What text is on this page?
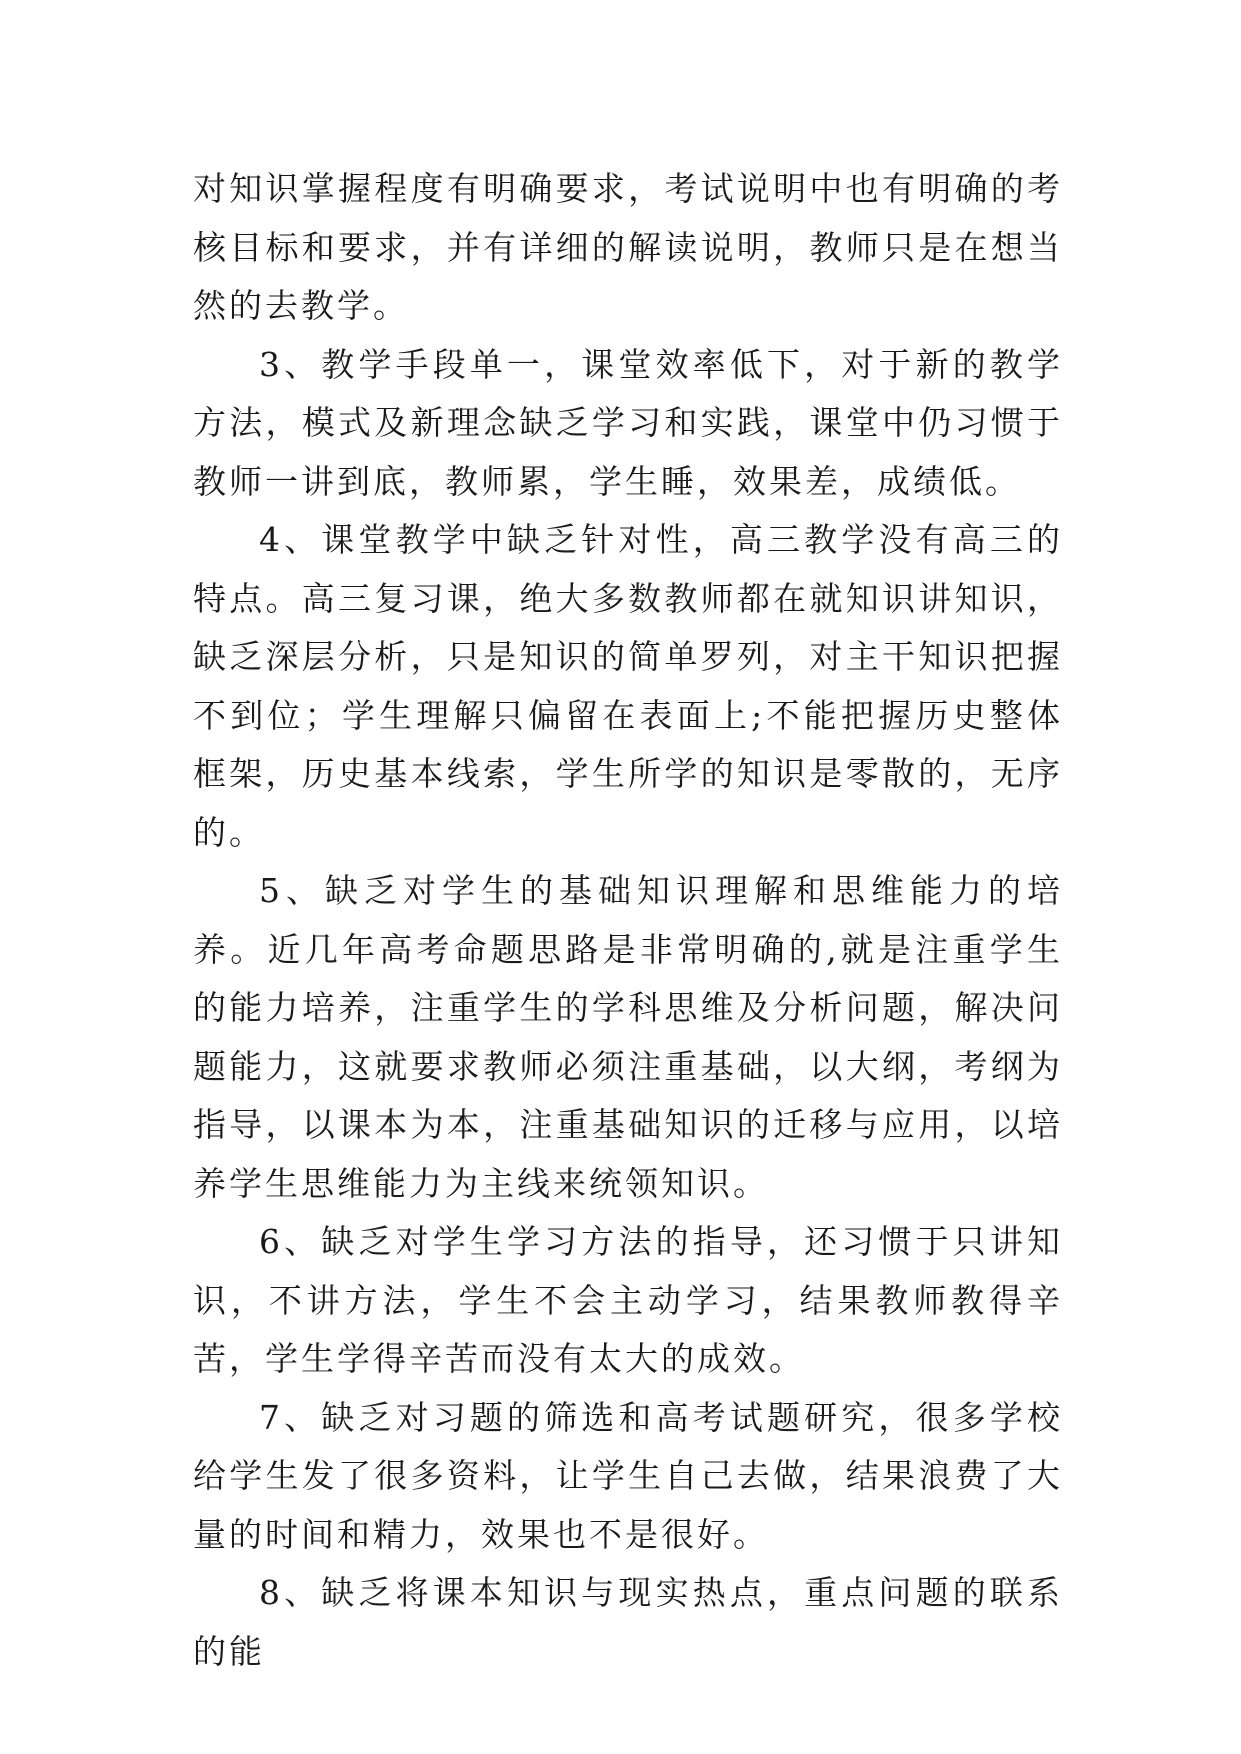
对知识掌握程度有明确要求，考试说明中也有明确的考核目标和要求，并有详细的解读说明，教师只是在想当然的去教学。

3、教学手段单一，课堂效率低下，对于新的教学方法，模式及新理念缺乏学习和实践，课堂中仍习惯于教师一讲到底，教师累，学生睡，效果差，成绩低。

4、课堂教学中缺乏针对性，高三教学没有高三的特点。高三复习课，绝大多数教师都在就知识讲知识，缺乏深层分析，只是知识的简单罗列，对主干知识把握不到位；学生理解只偏留在表面上;不能把握历史整体框架，历史基本线索，学生所学的知识是零散的，无序的。

5、缺乏对学生的基础知识理解和思维能力的培养。近几年高考命题思路是非常明确的,就是注重学生的能力培养，注重学生的学科思维及分析问题，解决问题能力，这就要求教师必须注重基础，以大纲，考纲为指导，以课本为本，注重基础知识的迁移与应用，以培养学生思维能力为主线来统领知识。

6、缺乏对学生学习方法的指导，还习惯于只讲知识，不讲方法，学生不会主动学习，结果教师教得辛苦，学生学得辛苦而没有太大的成效。

7、缺乏对习题的筛选和高考试题研究，很多学校给学生发了很多资料，让学生自己去做，结果浪费了大量的时间和精力，效果也不是很好。

8、缺乏将课本知识与现实热点，重点问题的联系的能
